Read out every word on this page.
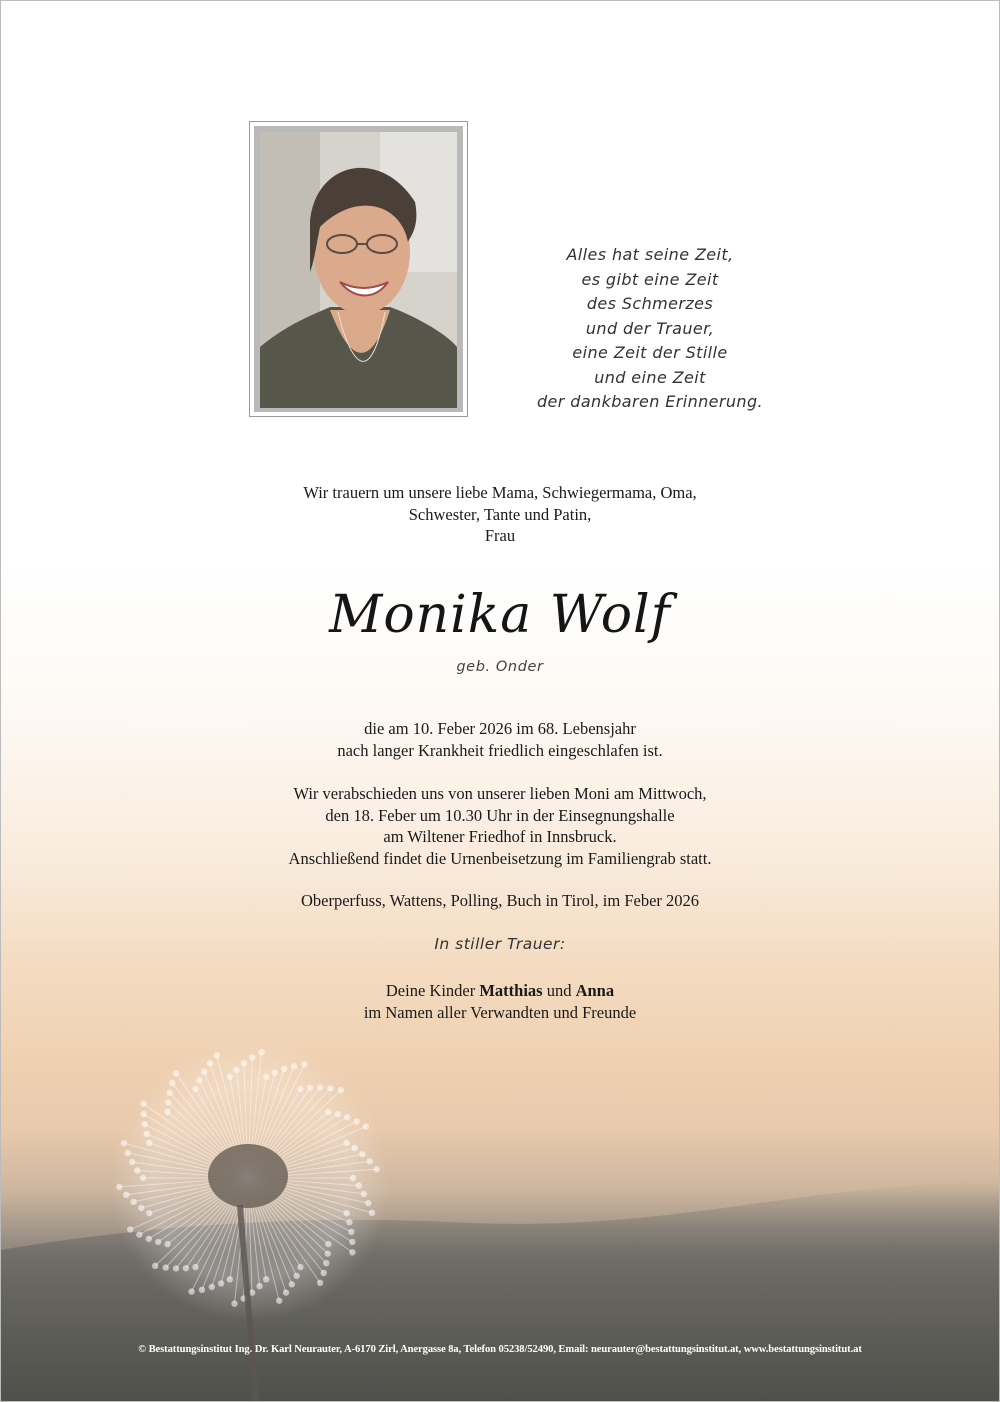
Alles hat seine Zeit,
es gibt eine Zeit
des Schmerzes
und der Trauer,
eine Zeit der Stille
und eine Zeit
der dankbaren Erinnerung.
Wir trauern um unsere liebe Mama, Schwiegermama, Oma,
Schwester, Tante und Patin,
Frau
Monika Wolf
geb. Onder
die am 10. Feber 2026 im 68. Lebensjahr
nach langer Krankheit friedlich eingeschlafen ist.
Wir verabschieden uns von unserer lieben Moni am Mittwoch,
den 18. Feber um 10.30 Uhr in der Einsegnungshalle
am Wiltener Friedhof in Innsbruck.
Anschließend findet die Urnenbeisetzung im Familiengrab statt.
Oberperfuss, Wattens, Polling, Buch in Tirol, im Feber 2026
In stiller Trauer:
Deine Kinder Matthias und Anna
im Namen aller Verwandten und Freunde
© Bestattungsinstitut Ing. Dr. Karl Neurauter, A-6170 Zirl, Anergasse 8a, Telefon 05238/52490, Email: neurauter@bestattungsinstitut.at, www.bestattungsinstitut.at
